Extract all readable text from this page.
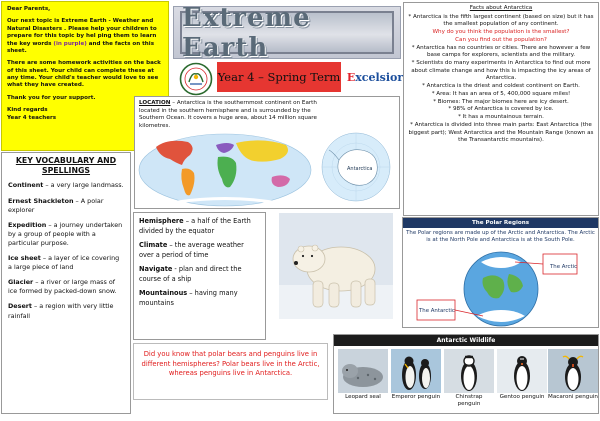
Dear Parents,

Our next topic is Extreme Earth - Weather and Natural Disasters . Please help your children to prepare for this topic by hel ping them to learn the key words (in purple) and the facts on this sheet.

There are some homework activities on the back of this sheet. Your child can complete these at any time. Your child's teacher would love to see what they have created.

Thank you for your support.

Kind regards
Year 4 teachers
Extreme Earth
Year 4 – Spring Term E xcelsior
Facts about Antarctica
* Antarctica is the fifth largest continent (based on size) but it has the smallest population of any continent.
Why do you think the population is the smallest?
Can you find out the population?
* Antarctica has no countries or cities. There are however a few base camps for explorers, scientists and the military.
* Scientists do many experiments in Antarctica to find out more about climate change and how this is impacting the icy areas of Antarctica.
* Antarctica is the driest and coldest continent on Earth.
* Area: It has an area of 5, 400,000 square miles!
* Biomes: The major biomes here are icy desert.
* 98% of Antarctica is covered by ice.
* It has a mountainous terrain.
* Antarctica is divided into three main parts: East Antarctica (the biggest part); West Antarctica and the Mountain Range (known as the Transantarctic mountains).
LOCATION – Antarctica is the southernmost continent on Earth located in the southern hemisphere and is surrounded by the Southern Ocean. It covers a huge area, about 14 million square kilometres.
Antarctica
KEY VOCABULARY AND SPELLINGS
Continent – a very large landmass.
Ernest Shackleton – A polar explorer
Expedition – a journey undertaken by a group of people with a particular purpose.
Ice sheet – a layer of ice covering a large piece of land
Glacier – a river or large mass of ice formed by packed-down snow.
Desert – a region with very little rainfall
Hemisphere – a half of the Earth divided by the equator
Climate – the average weather over a period of time
Navigate - plan and direct the course of a ship
Mountainous – having many mountains
Did you know that polar bears and penguins live in different hemispheres? Polar bears live in the Arctic, whereas penguins live in Antarctica.
The Polar Regions
The Polar regions are made up of the Arctic and Antarctica. The Arctic is at the North Pole and Antarctica is at the South Pole.
The Arctic
The Antarctic
Antarctic Wildlife
Leopard seal	Emperor penguin	Chinstrap penguin
Gentoo penguin Macaroni penguin
